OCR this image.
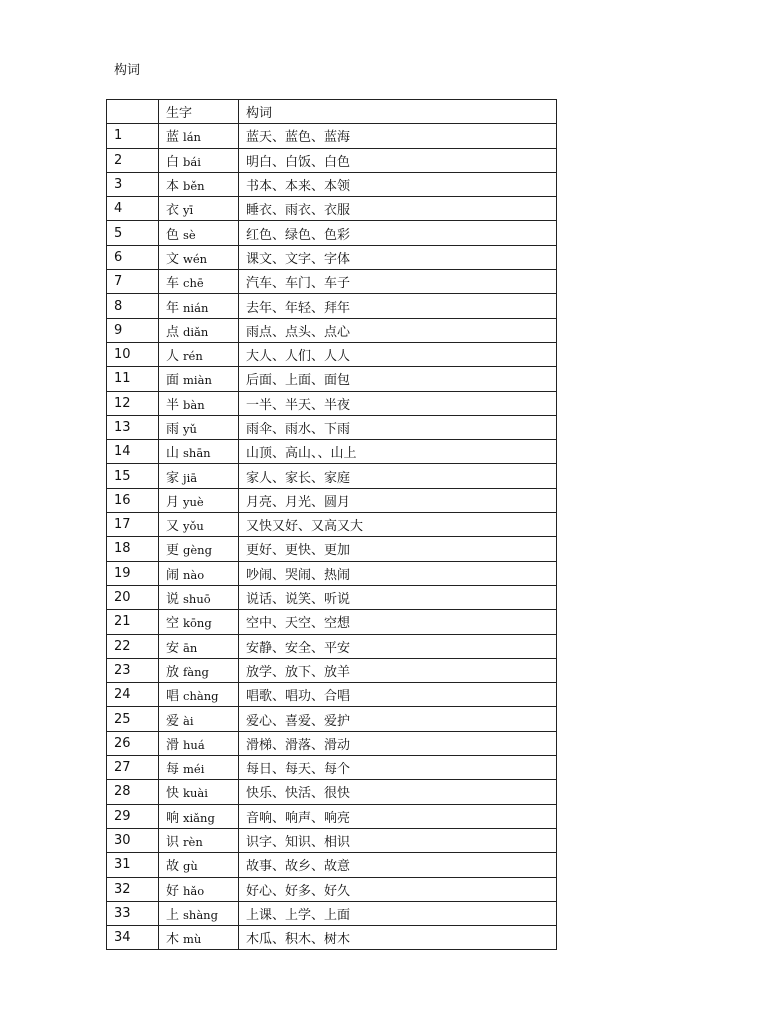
构词
	生字	构词
1	蓝 lán	蓝天、蓝色、蓝海
2	白 bái	明白、白饭、白色
3	本 běn	书本、本来、本领
4	衣 yī	睡衣、雨衣、衣服
5	色 sè	红色、绿色、色彩
6	文 wén	课文、文字、字体
7	车 chē	汽车、车门、车子
8	年 nián	去年、年轻、拜年
9	点 diǎn	雨点、点头、点心
10	人 rén	大人、人们、人人
11	面 miàn	后面、上面、面包
12	半 bàn	一半、半天、半夜
13	雨 yǔ	雨伞、雨水、下雨
14	山 shān	山顶、高山、、山上
15	家 jiā	家人、家长、家庭
16	月 yuè	月亮、月光、圆月
17	又 yǒu	又快又好、又高又大
18	更 gèng	更好、更快、更加
19	闹 nào	吵闹、哭闹、热闹
20	说 shuō	说话、说笑、听说
21	空 kōng	空中、天空、空想
22	安 ān	安静、安全、平安
23	放 fàng	放学、放下、放羊
24	唱 chàng	唱歌、唱功、合唱
25	爱 ài	爱心、喜爱、爱护
26	滑 huá	滑梯、滑落、滑动
27	每 méi	每日、每天、每个
28	快 kuài	快乐、快活、很快
29	响 xiǎng	音响、响声、响亮
30	识 rèn	识字、知识、相识
31	故 gù	故事、故乡、故意
32	好 hǎo	好心、好多、好久
33	上 shàng	上课、上学、上面
34	木 mù	木瓜、积木、树木
